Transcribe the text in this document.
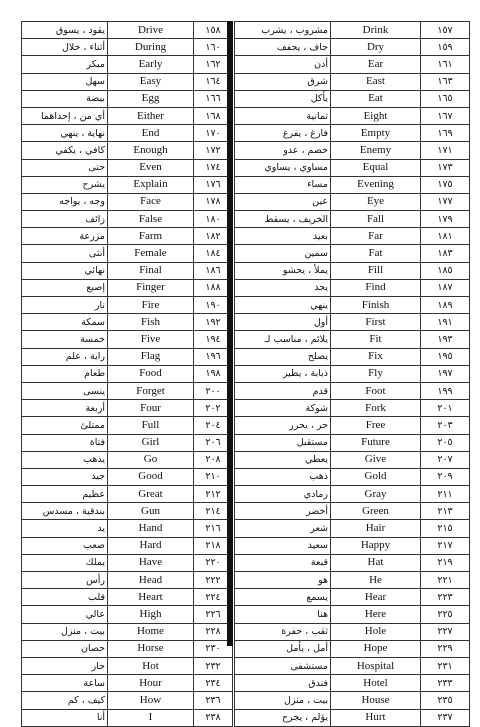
يقود ، يسوق	Drive	١٥٨
أثناء ، خلال	During	١٦٠
مبكر	Early	١٦٢
سهل	Easy	١٦٤
بيضة	Egg	١٦٦
أي من ، إحداهما	Either	١٦٨
نهاية ، ينهي	End	١٧٠
كافي ، يكفي	Enough	١٧٢
حتى	Even	١٧٤
يشرح	Explain	١٧٦
وجه ، يواجه	Face	١٧٨
زائف	False	١٨٠
مزرعة	Farm	١٨٢
أنثى	Female	١٨٤
نهائي	Final	١٨٦
إصبع	Finger	١٨٨
نار	Fire	١٩٠
سمكة	Fish	١٩٢
خمسة	Five	١٩٤
راية ، علم	Flag	١٩٦
طعام	Food	١٩٨
ينسى	Forget	٢٠٠
أربعة	Four	٢٠٢
ممتلئ	Full	٢٠٤
فتاة	Girl	٢٠٦
يذهب	Go	٢٠٨
جيد	Good	٢١٠
عظيم	Great	٢١٢
بندقية ، مسدس	Gun	٢١٤
يد	Hand	٢١٦
صعب	Hard	٢١٨
يملك	Have	٢٢٠
رأس	Head	٢٢٢
قلب	Heart	٢٢٤
عالي	High	٢٢٦
بيت ، منزل	Home	٢٢٨
حصان	Horse	٢٣٠
حار	Hot	٢٣٢
ساعة	Hour	٢٣٤
كيف ، كم	How	٢٣٦
أنا	I	٢٣٨
مشروب ، يشرب	Drink	١٥٧
جاف ، يجفف	Dry	١٥٩
أذن	Ear	١٦١
شرق	East	١٦٣
يأكل	Eat	١٦٥
ثمانية	Eight	١٦٧
فارغ ، يفرغ	Empty	١٦٩
خصم ، عدو	Enemy	١٧١
مساوي ، يساوي	Equal	١٧٣
مساء	Evening	١٧٥
عين	Eye	١٧٧
الخريف ، يسقط	Fall	١٧٩
بعيد	Far	١٨١
سمين	Fat	١٨٣
يملأ ، يحشو	Fill	١٨٥
يجد	Find	١٨٧
ينهي	Finish	١٨٩
أول	First	١٩١
يلائم ، مناسب لـ	Fit	١٩٣
يصلح	Fix	١٩٥
ذبابة ، يطير	Fly	١٩٧
قدم	Foot	١٩٩
شوكة	Fork	٢٠١
حر ، يحرر	Free	٢٠٣
مستقبل	Future	٢٠٥
يعطي	Give	٢٠٧
ذهب	Gold	٢٠٩
رمادي	Gray	٢١١
أخضر	Green	٢١٣
شعر	Hair	٢١٥
سعيد	Happy	٢١٧
قبعة	Hat	٢١٩
هو	He	٢٢١
يسمع	Hear	٢٢٣
هنا	Here	٢٢٥
ثقب ، حفرة	Hole	٢٢٧
أمل ، يأمل	Hope	٢٢٩
مستشفى	Hospital	٢٣١
فندق	Hotel	٢٣٣
بيت ، منزل	House	٢٣٥
يؤلم ، يجرح	Hurt	٢٣٧
